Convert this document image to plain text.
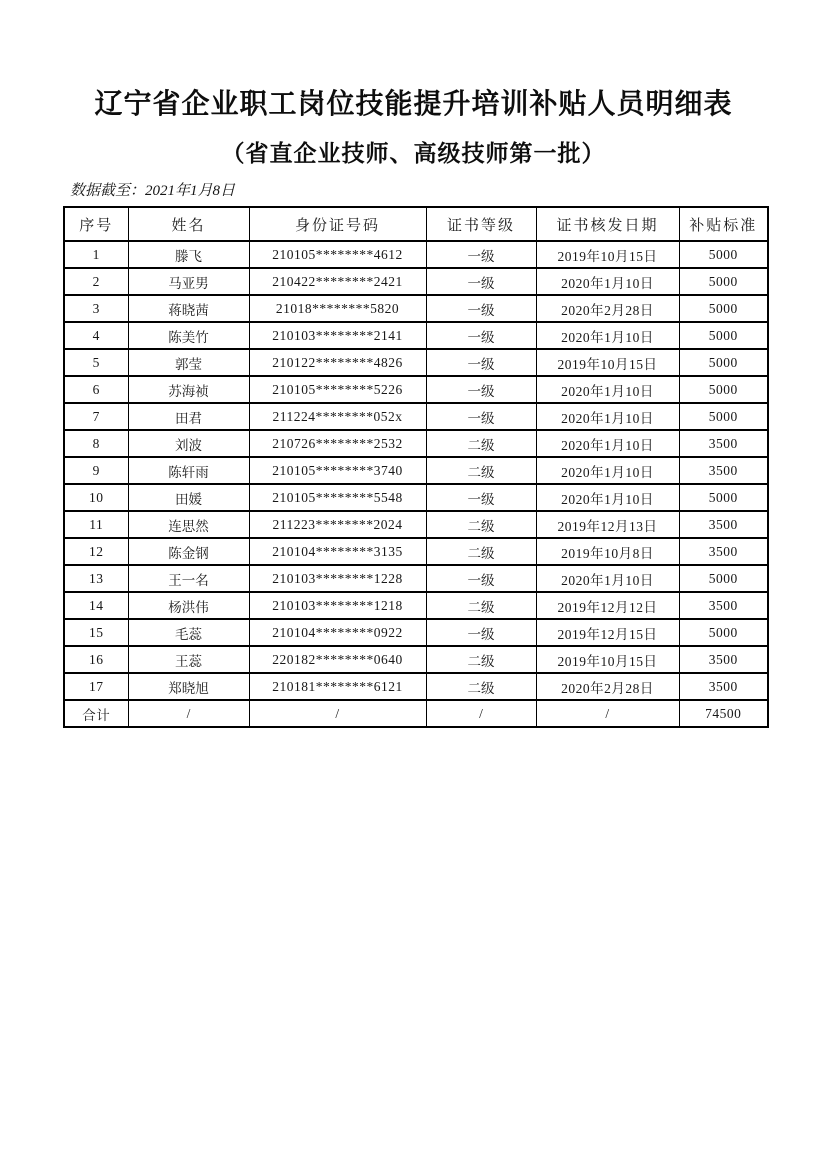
辽宁省企业职工岗位技能提升培训补贴人员明细表
（省直企业技师、高级技师第一批）
数据截至：2021年1月8日
序号	姓名	身份证号码	证书等级	证书核发日期	补贴标准
1	滕飞	210105********4612	一级	2019年10月15日	5000
2	马亚男	210422********2421	一级	2020年1月10日	5000
3	蒋晓茜	21018********5820	一级	2020年2月28日	5000
4	陈美竹	210103********2141	一级	2020年1月10日	5000
5	郭莹	210122********4826	一级	2019年10月15日	5000
6	苏海祯	210105********5226	一级	2020年1月10日	5000
7	田君	211224********052x	一级	2020年1月10日	5000
8	刘波	210726********2532	二级	2020年1月10日	3500
9	陈轩雨	210105********3740	二级	2020年1月10日	3500
10	田媛	210105********5548	一级	2020年1月10日	5000
11	连思然	211223********2024	二级	2019年12月13日	3500
12	陈金钢	210104********3135	二级	2019年10月8日	3500
13	王一名	210103********1228	一级	2020年1月10日	5000
14	杨洪伟	210103********1218	二级	2019年12月12日	3500
15	毛蕊	210104********0922	一级	2019年12月15日	5000
16	王蕊	220182********0640	二级	2019年10月15日	3500
17	郑晓旭	210181********6121	二级	2020年2月28日	3500
合计	/	/	/	/	74500
